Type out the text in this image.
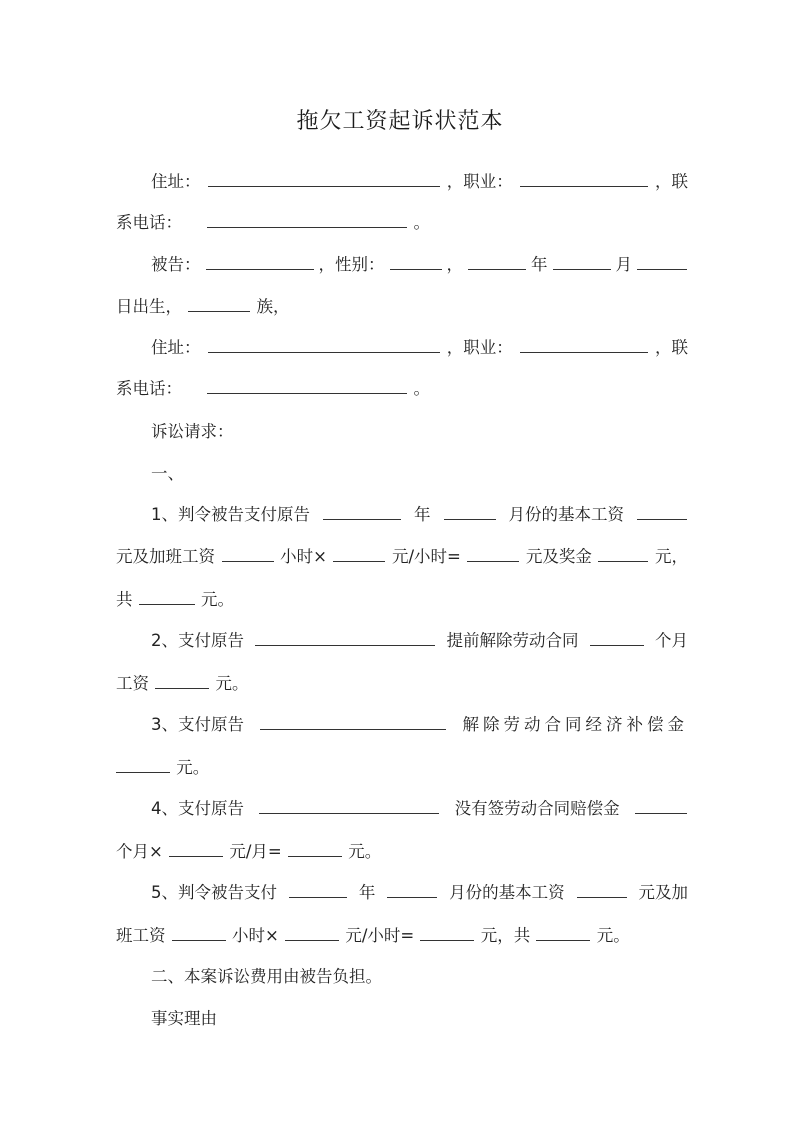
拖欠工资起诉状范本
住址：	，职业：	，联
系电话：	。
被告：	，性别：	，	年	月
日出生，	族，
住址：	，职业：	，联
系电话：	。
诉讼请求：
一、
1、判令被告支付原告	年	月份的基本工资
元及加班工资	小时×	元/小时=	元及奖金	元，
共	元。
2、支付原告	提前解除劳动合同	个月
工资	元。
3、支付原告	解除劳动合同经济补偿金
元。
4、支付原告	没有签劳动合同赔偿金
个月×	元/月=	元。
5、判令被告支付	年	月份的基本工资	元及加
班工资	小时×	元/小时=	元，共	元。
二、本案诉讼费用由被告负担。
事实理由
